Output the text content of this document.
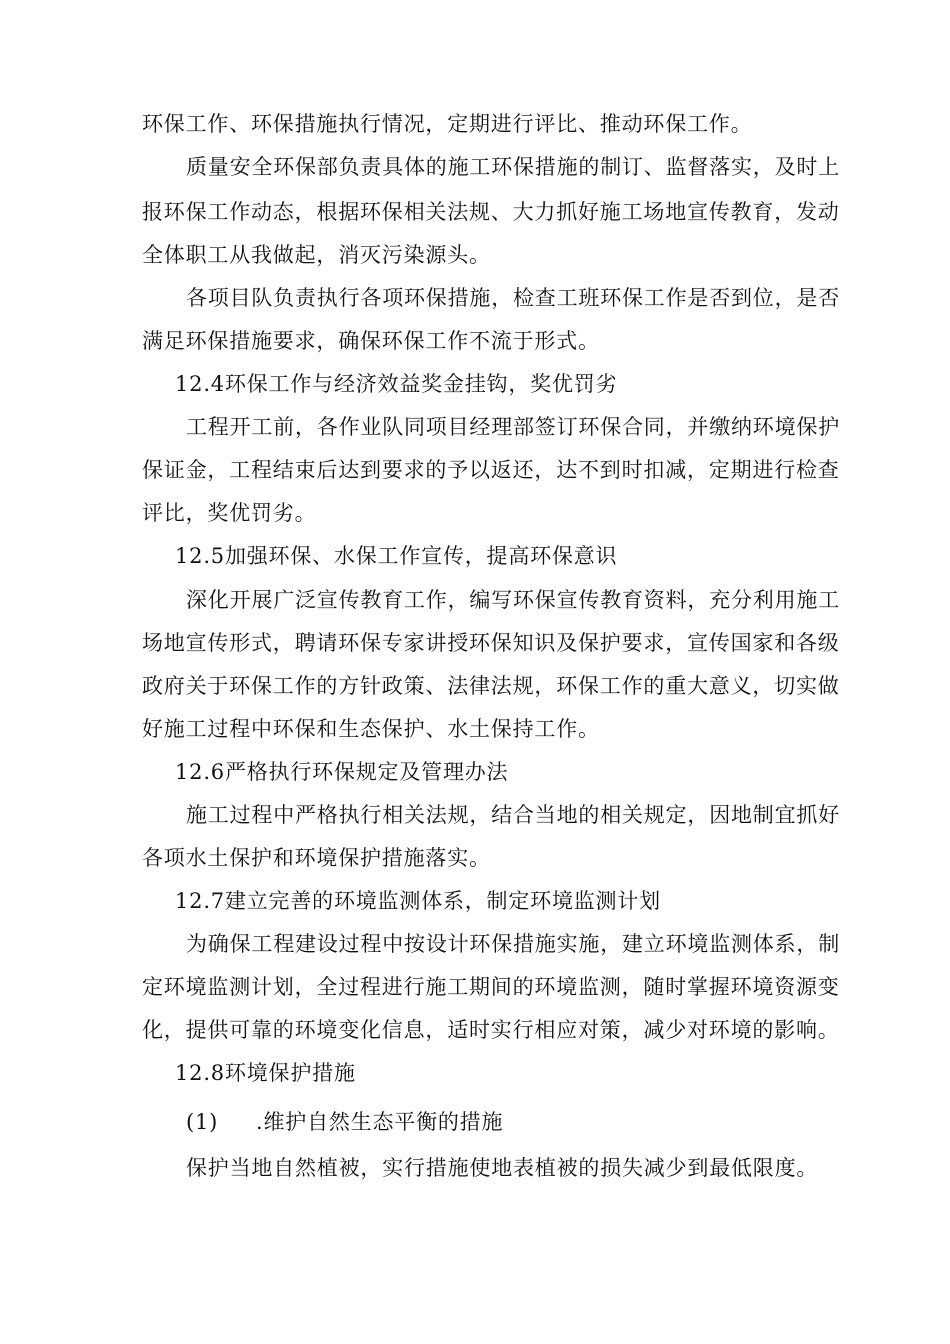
环保工作、环保措施执行情况，定期进行评比、推动环保工作。
质量安全环保部负责具体的施工环保措施的制订、监督落实，及时上
报环保工作动态，根据环保相关法规、大力抓好施工场地宣传教育，发动
全体职工从我做起，消灭污染源头。
各项目队负责执行各项环保措施，检查工班环保工作是否到位，是否
满足环保措施要求，确保环保工作不流于形式。
12.4环保工作与经济效益奖金挂钩，奖优罚劣
工程开工前，各作业队同项目经理部签订环保合同，并缴纳环境保护
保证金，工程结束后达到要求的予以返还，达不到时扣减，定期进行检查
评比，奖优罚劣。
12.5加强环保、水保工作宣传，提高环保意识
深化开展广泛宣传教育工作，编写环保宣传教育资料，充分利用施工
场地宣传形式，聘请环保专家讲授环保知识及保护要求，宣传国家和各级
政府关于环保工作的方针政策、法律法规，环保工作的重大意义，切实做
好施工过程中环保和生态保护、水土保持工作。
12.6严格执行环保规定及管理办法
施工过程中严格执行相关法规，结合当地的相关规定，因地制宜抓好
各项水土保护和环境保护措施落实。
12.7建立完善的环境监测体系，制定环境监测计划
为确保工程建设过程中按设计环保措施实施，建立环境监测体系，制
定环境监测计划，全过程进行施工期间的环境监测，随时掌握环境资源变
化，提供可靠的环境变化信息，适时实行相应对策，减少对环境的影响。
12.8环境保护措施
(1) .维护自然生态平衡的措施
保护当地自然植被，实行措施使地表植被的损失减少到最低限度。
